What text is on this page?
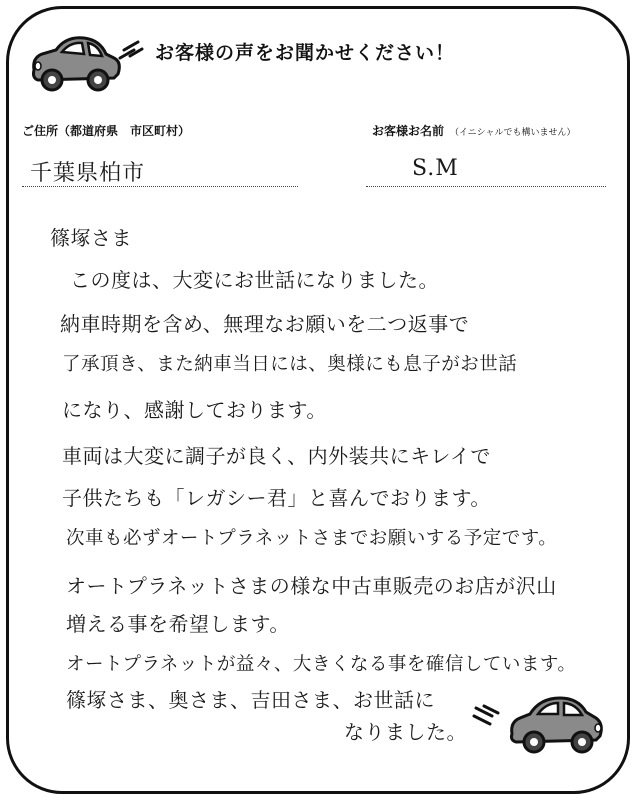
お客様の声をお聞かせください！
ご住所（都道府県　市区町村）	お客様お名前 （イニシャルでも構いません）
千葉県柏市	S.M
篠塚さま
この度は、大変にお世話になりました。
納車時期を含め、無理なお願いを二つ返事で
了承頂き、また納車当日には、奥様にも息子がお世話
になり、感謝しております。
車両は大変に調子が良く、内外装共にキレイで
子供たちも「レガシー君」と喜んでおります。
次車も必ずオートプラネットさまでお願いする予定です。
オートプラネットさまの様な中古車販売のお店が沢山
増える事を希望します。
オートプラネットが益々、大きくなる事を確信しています。
篠塚さま、奥さま、吉田さま、お世話に
なりました。
